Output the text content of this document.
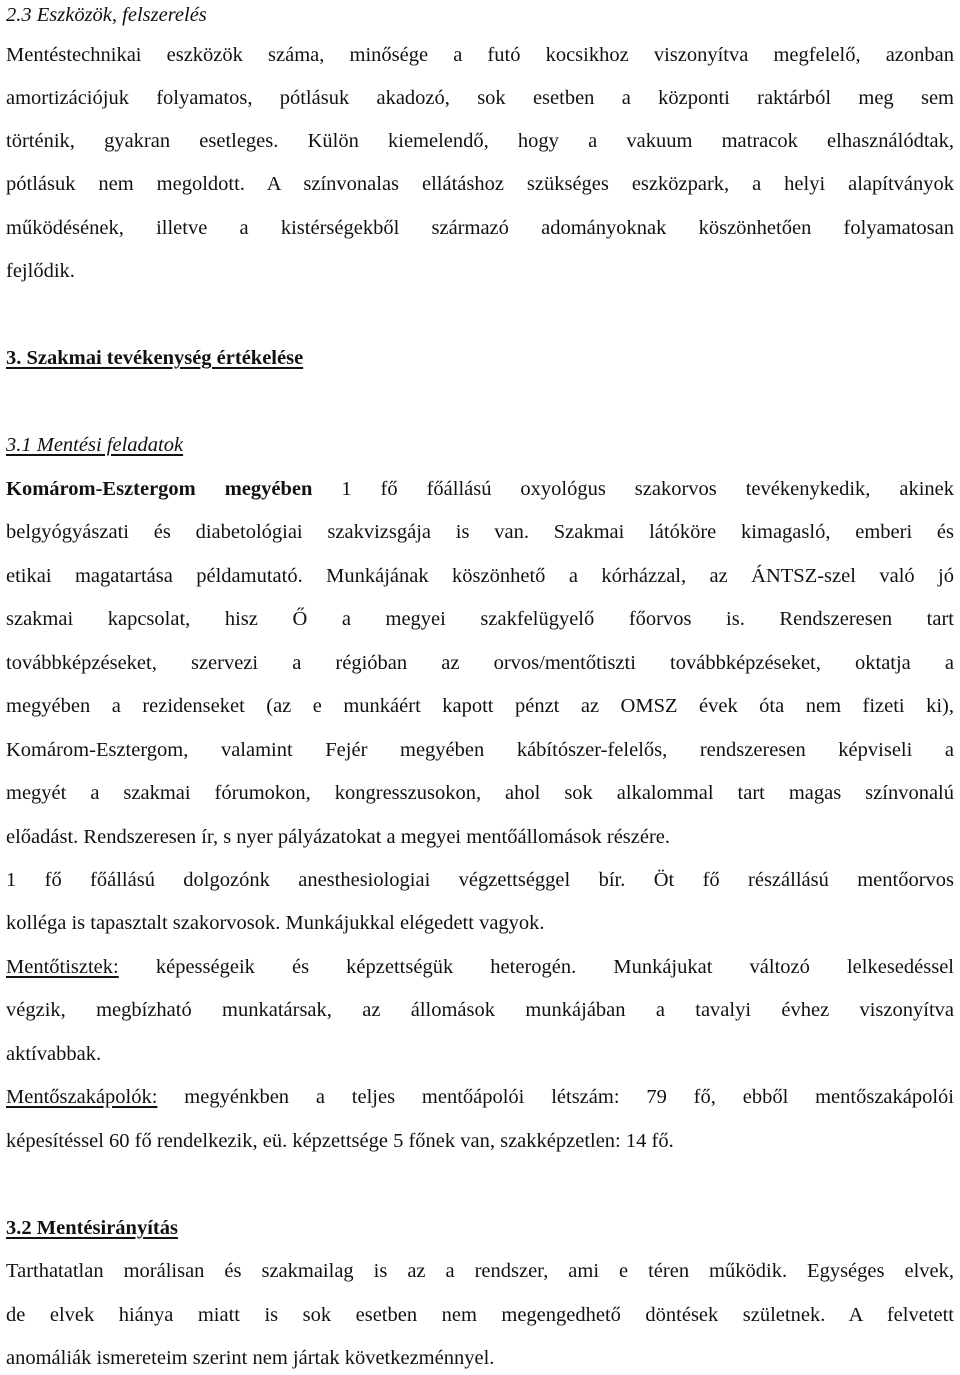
2.3 Eszközök, felszerelés
Mentéstechnikai eszközök száma, minősége a futó kocsikhoz viszonyítva megfelelő, azonban
amortizációjuk folyamatos, pótlásuk akadozó, sok esetben a központi raktárból meg sem
történik, gyakran esetleges. Külön kiemelendő, hogy a vakuum matracok elhasználódtak,
pótlásuk nem megoldott. A színvonalas ellátáshoz szükséges eszközpark, a helyi alapítványok
működésének, illetve a kistérségekből származó adományoknak köszönhetően folyamatosan
fejlődik.
3. Szakmai tevékenység értékelése
3.1 Mentési feladatok
Komárom-Esztergom megyében 1 fő főállású oxyológus szakorvos tevékenykedik, akinek
belgyógyászati és diabetológiai szakvizsgája is van. Szakmai látóköre kimagasló, emberi és
etikai magatartása példamutató. Munkájának köszönhető a kórházzal, az ÁNTSZ-szel való jó
szakmai kapcsolat, hisz Ő a megyei szakfelügyelő főorvos is. Rendszeresen tart
továbbképzéseket, szervezi a régióban az orvos/mentőtiszti továbbképzéseket, oktatja a
megyében a rezidenseket (az e munkáért kapott pénzt az OMSZ évek óta nem fizeti ki),
Komárom-Esztergom, valamint Fejér megyében kábítószer-felelős, rendszeresen képviseli a
megyét a szakmai fórumokon, kongresszusokon, ahol sok alkalommal tart magas színvonalú
előadást. Rendszeresen ír, s nyer pályázatokat a megyei mentőállomások részére.
1 fő főállású dolgozónk anesthesiologiai végzettséggel bír. Öt fő részállású mentőorvos
kolléga is tapasztalt szakorvosok. Munkájukkal elégedett vagyok.
Mentőtisztek: képességeik és képzettségük heterogén. Munkájukat változó lelkesedéssel
végzik, megbízható munkatársak, az állomások munkájában a tavalyi évhez viszonyítva
aktívabbak.
Mentőszakápolók: megyénkben a teljes mentőápolói létszám: 79 fő, ebből mentőszakápolói
képesítéssel 60 fő rendelkezik, eü. képzettsége 5 főnek van, szakképzetlen: 14 fő.
3.2 Mentésirányítás
Tarthatatlan morálisan és szakmailag is az a rendszer, ami e téren működik. Egységes elvek,
de elvek hiánya miatt is sok esetben nem megengedhető döntések születnek. A felvetett
anomáliák ismereteim szerint nem jártak következménnyel.
